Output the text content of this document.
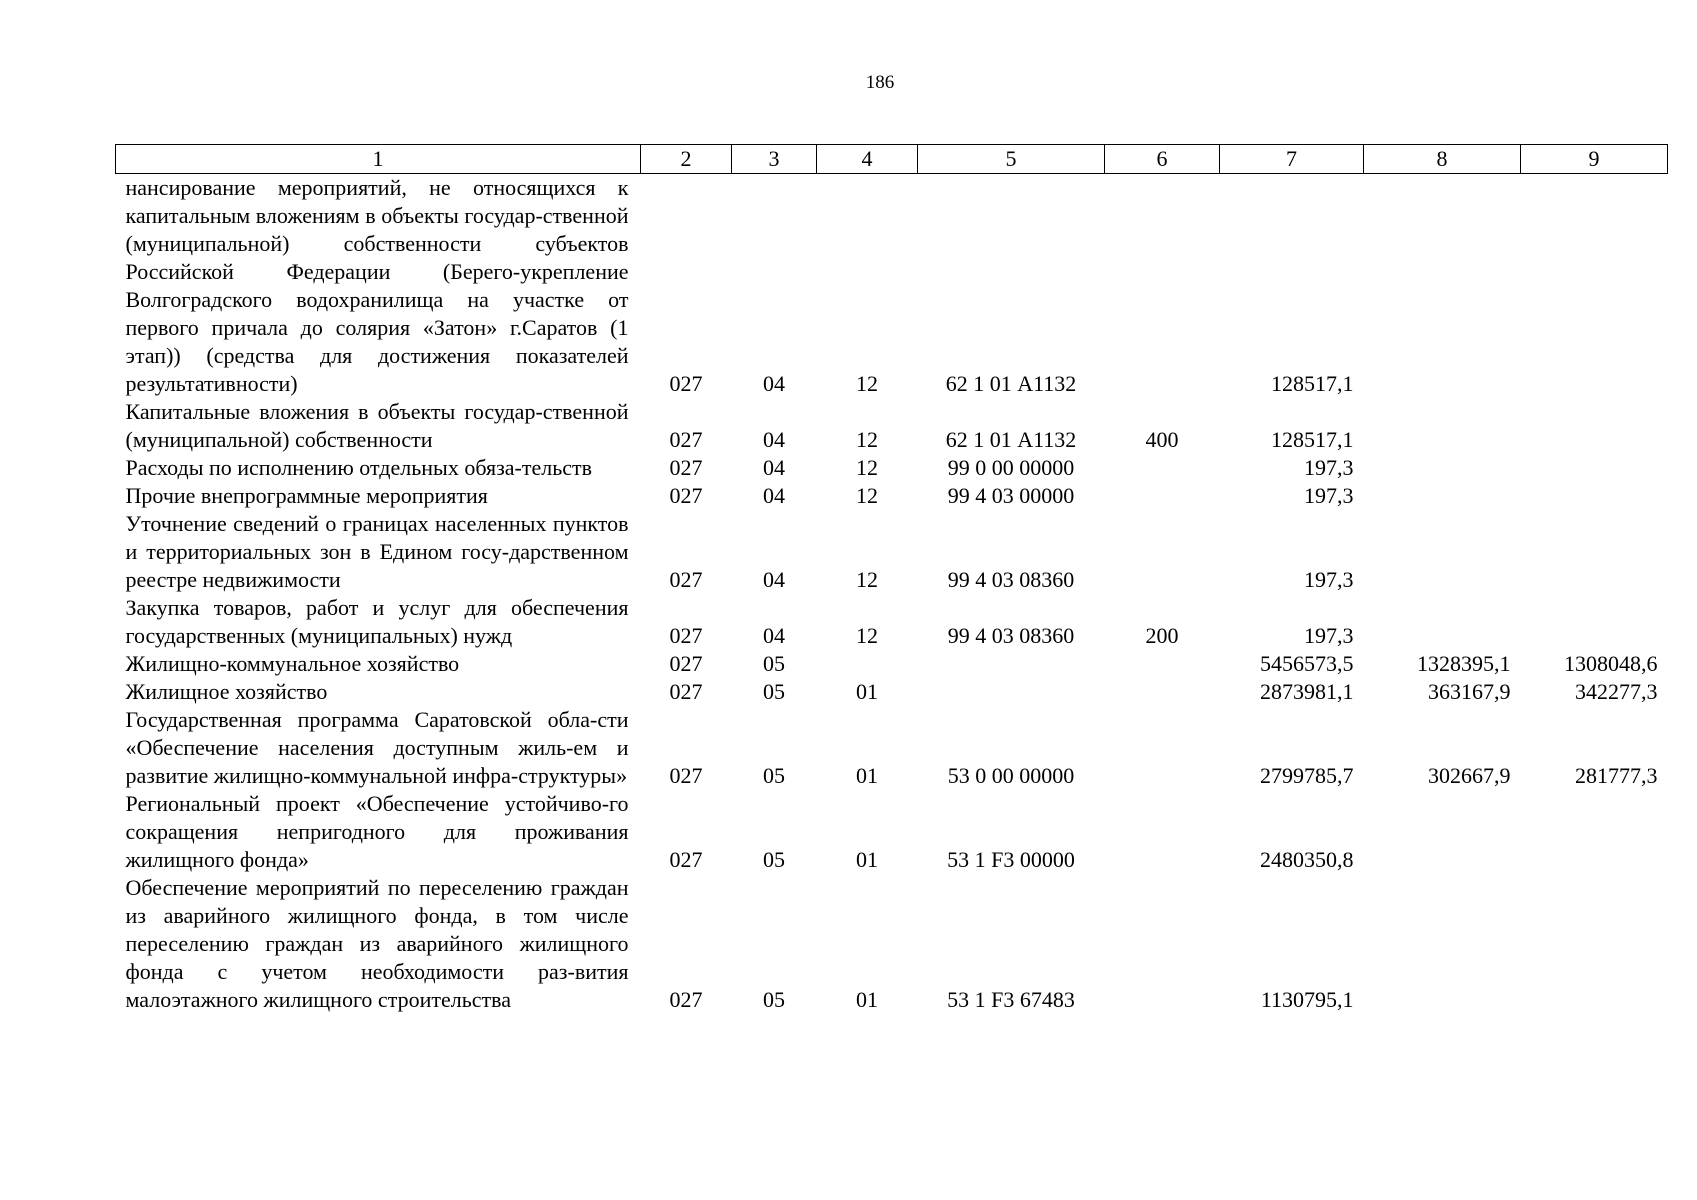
186
1	2	3	4	5	6	7	8	9
нансирование мероприятий, не относящихся к капитальным вложениям в объекты государ-ственной (муниципальной) собственности субъектов Российской Федерации (Берего-укрепление Волгоградского водохранилища на участке от первого причала до солярия «Затон» г.Саратов (1 этап)) (средства для достижения показателей результативности)	027	04	12	62 1 01 А1132		128517,1		
Капитальные вложения в объекты государ-ственной (муниципальной) собственности	027	04	12	62 1 01 А1132	400	128517,1		
Расходы по исполнению отдельных обяза-тельств	027	04	12	99 0 00 00000		197,3		
Прочие внепрограммные мероприятия	027	04	12	99 4 03 00000		197,3		
Уточнение сведений о границах населенных пунктов и территориальных зон в Едином госу-дарственном реестре недвижимости	027	04	12	99 4 03 08360		197,3		
Закупка товаров, работ и услуг для обеспечения государственных (муниципальных) нужд	027	04	12	99 4 03 08360	200	197,3		
Жилищно-коммунальное хозяйство	027	05				5456573,5	1328395,1	1308048,6
Жилищное хозяйство	027	05	01			2873981,1	363167,9	342277,3
Государственная программа Саратовской обла-сти «Обеспечение населения доступным жиль-ем и развитие жилищно-коммунальной инфра-структуры»	027	05	01	53 0 00 00000		2799785,7	302667,9	281777,3
Региональный проект «Обеспечение устойчиво-го сокращения непригодного для проживания жилищного фонда»	027	05	01	53 1 F3 00000		2480350,8		
Обеспечение мероприятий по переселению граждан из аварийного жилищного фонда, в том числе переселению граждан из аварийного жилищного фонда с учетом необходимости раз-вития малоэтажного жилищного строительства	027	05	01	53 1 F3 67483		1130795,1		
